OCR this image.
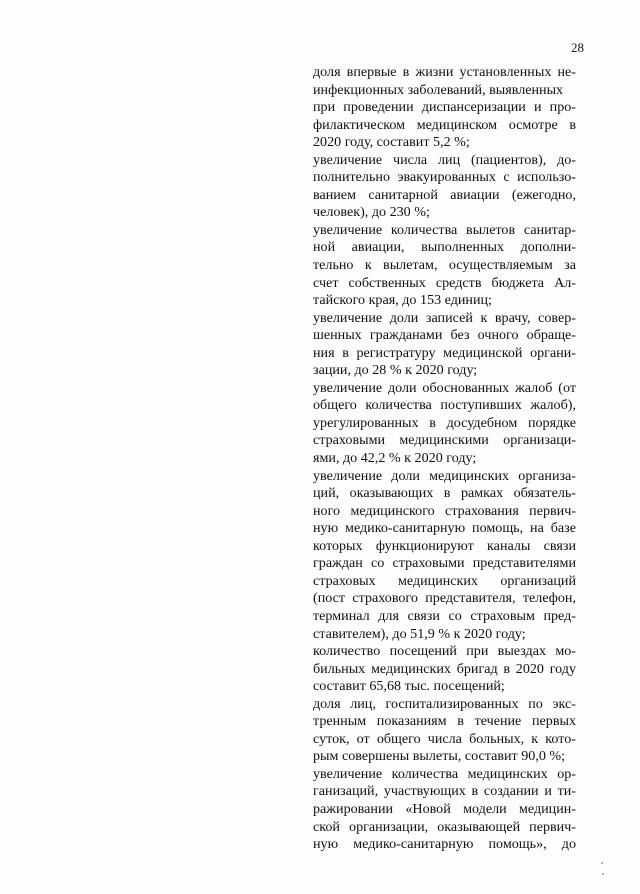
28
доля впервые в жизни установленных не-
инфекционных заболеваний, выявленных
при проведении диспансеризации и про-
филактическом медицинском осмотре в
2020 году, составит 5,2 %;
увеличение числа лиц (пациентов), до-
полнительно эвакуированных с использо-
ванием санитарной авиации (ежегодно,
человек), до 230 %;
увеличение количества вылетов санитар-
ной авиации, выполненных дополни-
тельно к вылетам, осуществляемым за
счет собственных средств бюджета Ал-
тайского края, до 153 единиц;
увеличение доли записей к врачу, совер-
шенных гражданами без очного обраще-
ния в регистратуру медицинской органи-
зации, до 28 % к 2020 году;
увеличение доли обоснованных жалоб (от
общего количества поступивших жалоб),
урегулированных в досудебном порядке
страховыми медицинскими организаци-
ями, до 42,2 % к 2020 году;
увеличение доли медицинских организа-
ций, оказывающих в рамках обязатель-
ного медицинского страхования первич-
ную медико-санитарную помощь, на базе
которых функционируют каналы связи
граждан со страховыми представителями
страховых медицинских организаций
(пост страхового представителя, телефон,
терминал для связи со страховым пред-
ставителем), до 51,9 % к 2020 году;
количество посещений при выездах мо-
бильных медицинских бригад в 2020 году
составит 65,68 тыс. посещений;
доля лиц, госпитализированных по экс-
тренным показаниям в течение первых
суток, от общего числа больных, к кото-
рым совершены вылеты, составит 90,0 %;
увеличение количества медицинских ор-
ганизаций, участвующих в создании и ти-
ражировании «Новой модели медицин-
ской организации, оказывающей первич-
ную медико-санитарную помощь», до
